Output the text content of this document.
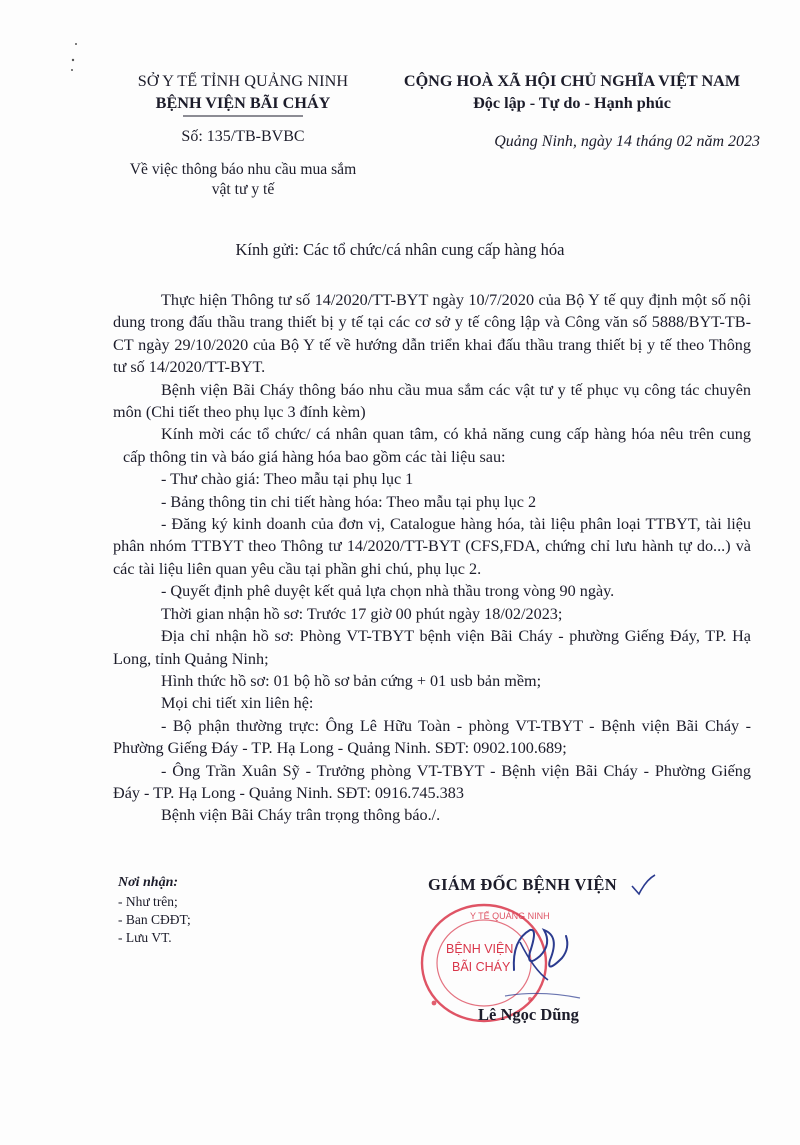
SỞ Y TẾ TỈNH QUẢNG NINH
BỆNH VIỆN BÃI CHÁY
CỘNG HOÀ XÃ HỘI CHỦ NGHĨA VIỆT NAM
Độc lập - Tự do - Hạnh phúc
Số: 135/TB-BVBC
Về việc thông báo nhu cầu mua sắm
vật tư y tế
Quảng Ninh, ngày 14 tháng 02 năm 2023
Kính gửi: Các tổ chức/cá nhân cung cấp hàng hóa

Thực hiện Thông tư số 14/2020/TT-BYT ngày 10/7/2020 của Bộ Y tế quy định một số nội dung trong đấu thầu trang thiết bị y tế tại các cơ sở y tế công lập và Công văn số 5888/BYT-TB-CT ngày 29/10/2020 của Bộ Y tế về hướng dẫn triển khai đấu thầu trang thiết bị y tế theo Thông tư số 14/2020/TT-BYT.

Bệnh viện Bãi Cháy thông báo nhu cầu mua sắm các vật tư y tế phục vụ công tác chuyên môn (Chi tiết theo phụ lục 3 đính kèm)

Kính mời các tổ chức/ cá nhân quan tâm, có khả năng cung cấp hàng hóa nêu trên cung cấp thông tin và báo giá hàng hóa bao gồm các tài liệu sau:

- Thư chào giá: Theo mẫu tại phụ lục 1

- Bảng thông tin chi tiết hàng hóa: Theo mẫu tại phụ lục 2

- Đăng ký kinh doanh của đơn vị, Catalogue hàng hóa, tài liệu phân loại TTBYT, tài liệu phân nhóm TTBYT theo Thông tư 14/2020/TT-BYT (CFS,FDA, chứng chỉ lưu hành tự do...) và các tài liệu liên quan yêu cầu tại phần ghi chú, phụ lục 2.

- Quyết định phê duyệt kết quả lựa chọn nhà thầu trong vòng 90 ngày.

Thời gian nhận hồ sơ: Trước 17 giờ 00 phút ngày 18/02/2023;

Địa chỉ nhận hồ sơ: Phòng VT-TBYT bệnh viện Bãi Cháy - phường Giếng Đáy, TP. Hạ Long, tỉnh Quảng Ninh;

Hình thức hồ sơ: 01 bộ hồ sơ bản cứng + 01 usb bản mềm;

Mọi chi tiết xin liên hệ:

- Bộ phận thường trực: Ông Lê Hữu Toàn - phòng VT-TBYT - Bệnh viện Bãi Cháy - Phường Giếng Đáy - TP. Hạ Long - Quảng Ninh. SĐT: 0902.100.689;

- Ông Trần Xuân Sỹ - Trưởng phòng VT-TBYT - Bệnh viện Bãi Cháy - Phường Giếng Đáy - TP. Hạ Long - Quảng Ninh. SĐT: 0916.745.383

Bệnh viện Bãi Cháy trân trọng thông báo./.

Nơi nhận:
- Như trên;
- Ban CĐĐT;
- Lưu VT.
GIÁM ĐỐC BỆNH VIỆN
Y TẾ QUẢNG NINH
BỆNH VIỆN
BÃI CHÁY
Lê Ngọc Dũng
